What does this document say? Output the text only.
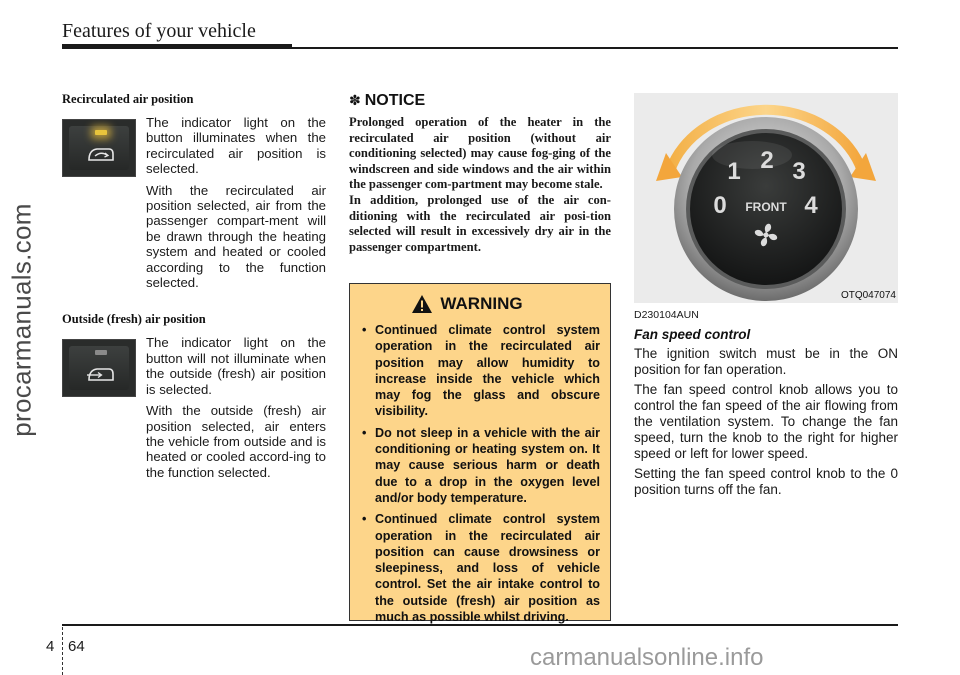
Features of your vehicle
procarmanuals.com
Recirculated air position

The indicator light on the button illuminates when the recirculated air position is selected.

With the recirculated air position selected, air from the passenger compart-ment will be drawn through the heating system and heated or cooled according to the function selected.

Outside (fresh) air position

The indicator light on the button will not illuminate when the outside (fresh) air position is selected.

With the outside (fresh) air position selected, air enters the vehicle from outside and is heated or cooled accord-ing to the function selected.

✽ NOTICE

Prolonged operation of the heater in the recirculated air position (without air conditioning selected) may cause fog-ging of the windscreen and side windows and the air within the passenger com-partment may become stale.

In addition, prolonged use of the air con-ditioning with the recirculated air posi-tion selected will result in excessively dry air in the passenger compartment.

WARNING
• Continued climate control system operation in the recirculated air position may allow humidity to increase inside the vehicle which may fog the glass and obscure visibility.
• Do not sleep in a vehicle with the air conditioning or heating system on. It may cause serious harm or death due to a drop in the oxygen level and/or body temperature.
• Continued climate control system operation in the recirculated air position can cause drowsiness or sleepiness, and loss of vehicle control. Set the air intake control to the outside (fresh) air position as much as possible whilst driving.
0
1 2 3
4
FRONT
OTQ047074
D230104AUN
Fan speed control

The ignition switch must be in the ON position for fan operation.

The fan speed control knob allows you to control the fan speed of the air flowing from the ventilation system. To change the fan speed, turn the knob to the right for higher speed or left for lower speed.

Setting the fan speed control knob to the 0 position turns off the fan.

4 64	carmanualsonline.info
